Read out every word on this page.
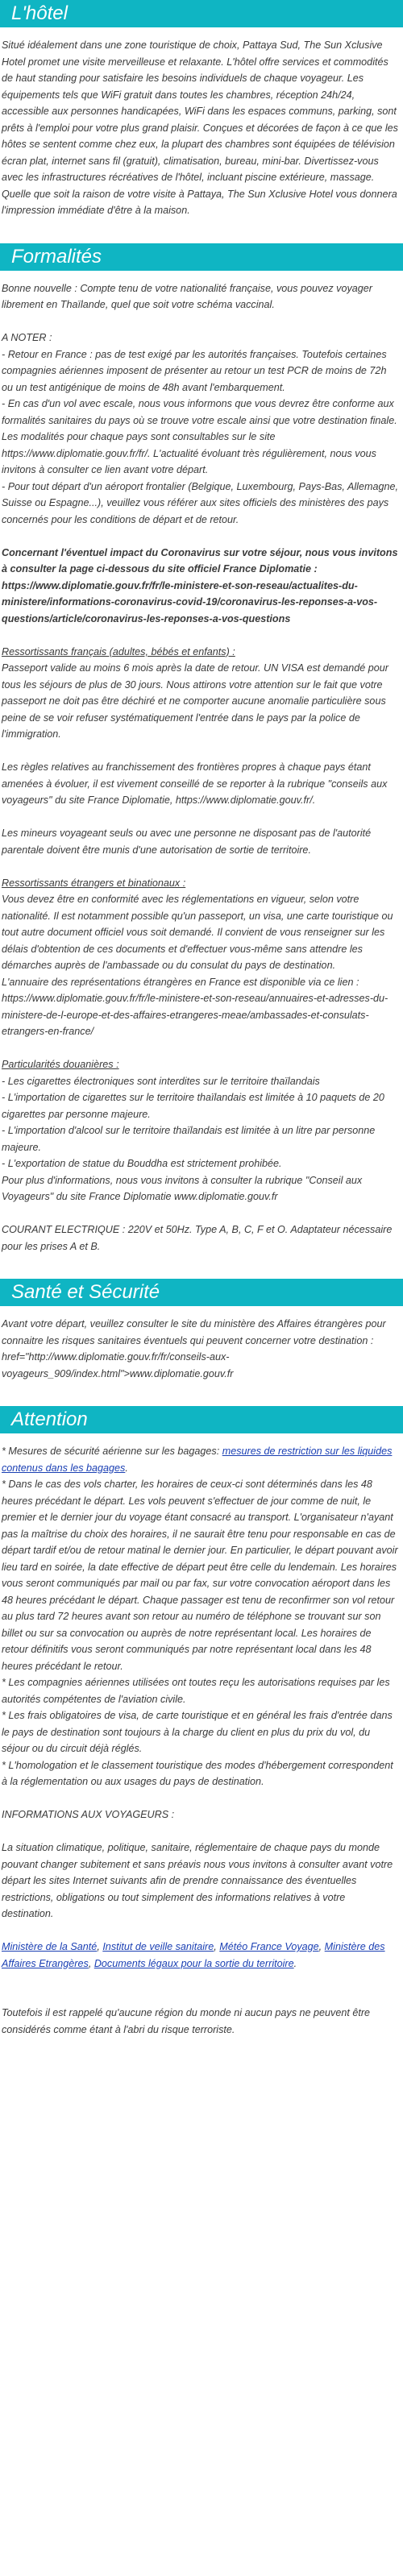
L'hôtel

Situé idéalement dans une zone touristique de choix, Pattaya Sud, The Sun Xclusive Hotel promet une visite merveilleuse et relaxante. L'hôtel offre services et commodités de haut standing pour satisfaire les besoins individuels de chaque voyageur. Les équipements tels que WiFi gratuit dans toutes les chambres, réception 24h/24, accessible aux personnes handicapées, WiFi dans les espaces communs, parking, sont prêts à l'emploi pour votre plus grand plaisir. Conçues et décorées de façon à ce que les hôtes se sentent comme chez eux, la plupart des chambres sont équipées de télévision écran plat, internet sans fil (gratuit), climatisation, bureau, mini-bar. Divertissez-vous avec les infrastructures récréatives de l'hôtel, incluant piscine extérieure, massage. Quelle que soit la raison de votre visite à Pattaya, The Sun Xclusive Hotel vous donnera l'impression immédiate d'être à la maison.

Formalités

Bonne nouvelle : Compte tenu de votre nationalité française, vous pouvez voyager librement en Thaïlande, quel que soit votre schéma vaccinal.

A NOTER :

- Retour en France : pas de test exigé par les autorités françaises. Toutefois certaines compagnies aériennes imposent de présenter au retour un test PCR de moins de 72h ou un test antigénique de moins de 48h avant l'embarquement.

- En cas d'un vol avec escale, nous vous informons que vous devrez être conforme aux formalités sanitaires du pays où se trouve votre escale ainsi que votre destination finale.

Les modalités pour chaque pays sont consultables sur le site https://www.diplomatie.gouv.fr/fr/. L'actualité évoluant très régulièrement, nous vous invitons à consulter ce lien avant votre départ.

- Pour tout départ d'un aéroport frontalier (Belgique, Luxembourg, Pays-Bas, Allemagne, Suisse ou Espagne...), veuillez vous référer aux sites officiels des ministères des pays concernés pour les conditions de départ et de retour.

Concernant l'éventuel impact du Coronavirus sur votre séjour, nous vous invitons à consulter la page ci-dessous du site officiel France Diplomatie : https://www.diplomatie.gouv.fr/fr/le-ministere-et-son-reseau/actualites-du-ministere/informations-coronavirus-covid-19/coronavirus-les-reponses-a-vos-questions/article/coronavirus-les-reponses-a-vos-questions

Ressortissants français (adultes, bébés et enfants) :

Passeport valide au moins 6 mois après la date de retour. UN VISA est demandé pour tous les séjours de plus de 30 jours. Nous attirons votre attention sur le fait que votre passeport ne doit pas être déchiré et ne comporter aucune anomalie particulière sous peine de se voir refuser systématiquement l'entrée dans le pays par la police de l'immigration.

Les règles relatives au franchissement des frontières propres à chaque pays étant amenées à évoluer, il est vivement conseillé de se reporter à la rubrique "conseils aux voyageurs" du site France Diplomatie, https://www.diplomatie.gouv.fr/.

Les mineurs voyageant seuls ou avec une personne ne disposant pas de l'autorité parentale doivent être munis d'une autorisation de sortie de territoire.

Ressortissants étrangers et binationaux :

Vous devez être en conformité avec les réglementations en vigueur, selon votre nationalité. Il est notamment possible qu'un passeport, un visa, une carte touristique ou tout autre document officiel vous soit demandé. Il convient de vous renseigner sur les délais d'obtention de ces documents et d'effectuer vous-même sans attendre les démarches auprès de l'ambassade ou du consulat du pays de destination.

L'annuaire des représentations étrangères en France est disponible via ce lien : https://www.diplomatie.gouv.fr/fr/le-ministere-et-son-reseau/annuaires-et-adresses-du-ministere-de-l-europe-et-des-affaires-etrangeres-meae/ambassades-et-consulats-etrangers-en-france/

Particularités douanières :

- Les cigarettes électroniques sont interdites sur le territoire thaïlandais

- L'importation de cigarettes sur le territoire thaïlandais est limitée à 10 paquets de 20 cigarettes par personne majeure.

- L'importation d'alcool sur le territoire thaïlandais est limitée à un litre par personne majeure.

- L'exportation de statue du Bouddha est strictement prohibée.

Pour plus d'informations, nous vous invitons à consulter la rubrique "Conseil aux Voyageurs" du site France Diplomatie www.diplomatie.gouv.fr

COURANT ELECTRIQUE : 220V et 50Hz. Type A, B, C, F et O. Adaptateur nécessaire pour les prises A et B.

Santé et Sécurité

Avant votre départ, veuillez consulter le site du ministère des Affaires étrangères pour connaitre les risques sanitaires éventuels qui peuvent concerner votre destination : href="http://www.diplomatie.gouv.fr/fr/conseils-aux-voyageurs_909/index.html">www.diplomatie.gouv.fr

Attention

* Mesures de sécurité aérienne sur les bagages: mesures de restriction sur les liquides contenus dans les bagages.

* Dans le cas des vols charter, les horaires de ceux-ci sont déterminés dans les 48 heures précédant le départ. Les vols peuvent s'effectuer de jour comme de nuit, le premier et le dernier jour du voyage étant consacré au transport. L'organisateur n'ayant pas la maîtrise du choix des horaires, il ne saurait être tenu pour responsable en cas de départ tardif et/ou de retour matinal le dernier jour. En particulier, le départ pouvant avoir lieu tard en soirée, la date effective de départ peut être celle du lendemain. Les horaires vous seront communiqués par mail ou par fax, sur votre convocation aéroport dans les 48 heures précédant le départ. Chaque passager est tenu de reconfirmer son vol retour au plus tard 72 heures avant son retour au numéro de téléphone se trouvant sur son billet ou sur sa convocation ou auprès de notre représentant local. Les horaires de retour définitifs vous seront communiqués par notre représentant local dans les 48 heures précédant le retour.

* Les compagnies aériennes utilisées ont toutes reçu les autorisations requises par les autorités compétentes de l'aviation civile.

* Les frais obligatoires de visa, de carte touristique et en général les frais d'entrée dans le pays de destination sont toujours à la charge du client en plus du prix du vol, du séjour ou du circuit déjà réglés.

* L'homologation et le classement touristique des modes d'hébergement correspondent à la réglementation ou aux usages du pays de destination.

INFORMATIONS AUX VOYAGEURS :

La situation climatique, politique, sanitaire, réglementaire de chaque pays du monde pouvant changer subitement et sans préavis nous vous invitons à consulter avant votre départ les sites Internet suivants afin de prendre connaissance des éventuelles restrictions, obligations ou tout simplement des informations relatives à votre destination.

Ministère de la Santé, Institut de veille sanitaire, Météo France Voyage, Ministère des Affaires Etrangères, Documents légaux pour la sortie du territoire.

Toutefois il est rappelé qu'aucune région du monde ni aucun pays ne peuvent être considérés comme étant à l'abri du risque terroriste.
